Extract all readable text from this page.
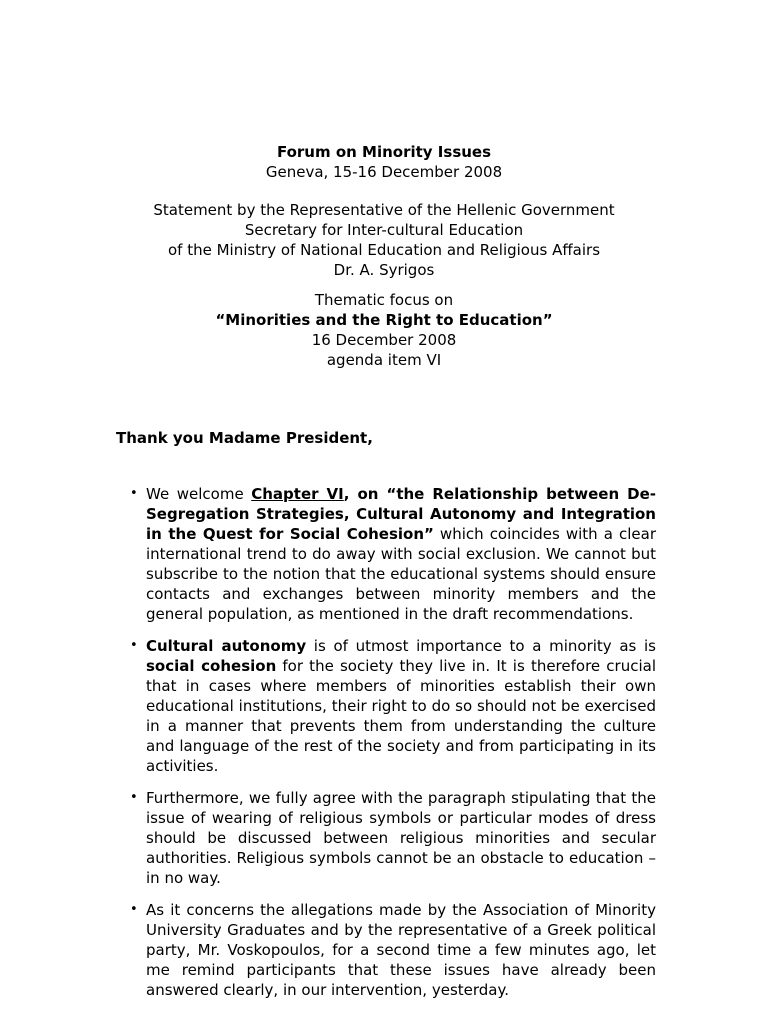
Forum on Minority Issues
Geneva, 15-16 December 2008
Statement by the Representative of the Hellenic Government
Secretary for Inter-cultural Education
of the Ministry of National Education and Religious Affairs
Dr. A. Syrigos
Thematic focus on
“Minorities and the Right to Education”
16 December 2008
agenda item VI
Thank you Madame President,
• We welcome Chapter VI, on “the Relationship between De-Segregation Strategies, Cultural Autonomy and Integration in the Quest for Social Cohesion” which coincides with a clear international trend to do away with social exclusion. We cannot but subscribe to the notion that the educational systems should ensure contacts and exchanges between minority members and the general population, as mentioned in the draft recommendations.
• Cultural autonomy is of utmost importance to a minority as is social cohesion for the society they live in. It is therefore crucial that in cases where members of minorities establish their own educational institutions, their right to do so should not be exercised in a manner that prevents them from understanding the culture and language of the rest of the society and from participating in its activities.
• Furthermore, we fully agree with the paragraph stipulating that the issue of wearing of religious symbols or particular modes of dress should be discussed between religious minorities and secular authorities. Religious symbols cannot be an obstacle to education – in no way.
• As it concerns the allegations made by the Association of Minority University Graduates and by the representative of a Greek political party, Mr. Voskopoulos, for a second time a few minutes ago, let me remind participants that these issues have already been answered clearly, in our intervention, yesterday.
